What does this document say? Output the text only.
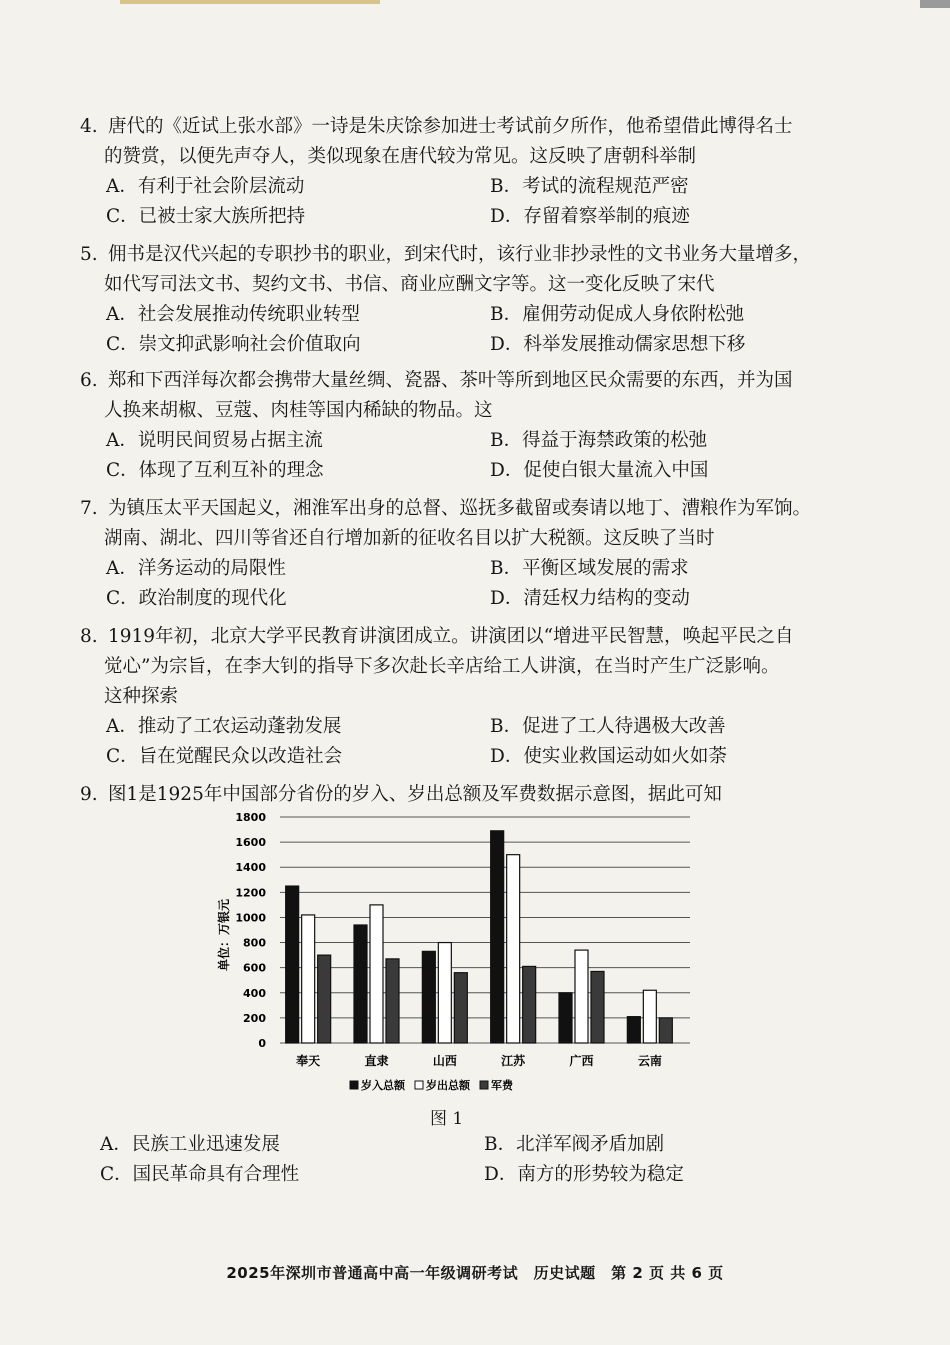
4. 唐代的《近试上张水部》一诗是朱庆馀参加进士考试前夕所作，他希望借此博得名士
的赞赏，以便先声夺人，类似现象在唐代较为常见。这反映了唐朝科举制
A．有利于社会阶层流动	B．考试的流程规范严密
C．已被士家大族所把持	D．存留着察举制的痕迹
5. 佣书是汉代兴起的专职抄书的职业，到宋代时，该行业非抄录性的文书业务大量增多，
如代写司法文书、契约文书、书信、商业应酬文字等。这一变化反映了宋代
A．社会发展推动传统职业转型	B．雇佣劳动促成人身依附松弛
C．崇文抑武影响社会价值取向	D．科举发展推动儒家思想下移
6. 郑和下西洋每次都会携带大量丝绸、瓷器、茶叶等所到地区民众需要的东西，并为国
人换来胡椒、豆蔻、肉桂等国内稀缺的物品。这
A．说明民间贸易占据主流	B．得益于海禁政策的松弛
C．体现了互利互补的理念	D．促使白银大量流入中国
7. 为镇压太平天国起义，湘淮军出身的总督、巡抚多截留或奏请以地丁、漕粮作为军饷。
湖南、湖北、四川等省还自行增加新的征收名目以扩大税额。这反映了当时
A．洋务运动的局限性	B．平衡区域发展的需求
C．政治制度的现代化	D．清廷权力结构的变动
8. 1919年初，北京大学平民教育讲演团成立。讲演团以“增进平民智慧，唤起平民之自
觉心”为宗旨，在李大钊的指导下多次赴长辛店给工人讲演，在当时产生广泛影响。
这种探索
A．推动了工农运动蓬勃发展	B．促进了工人待遇极大改善
C．旨在觉醒民众以改造社会	D．使实业救国运动如火如荼
9. 图1是1925年中国部分省份的岁入、岁出总额及军费数据示意图，据此可知
0
200
400
600
800
1000
1200
1400
1600
1800
奉天	直隶	山西	江苏	广西	云南
单位：万银元
岁入总额 岁出总额 军费
图 1
A．民族工业迅速发展	B．北洋军阀矛盾加剧
C．国民革命具有合理性	D．南方的形势较为稳定
2025年深圳市普通高中高一年级调研考试　历史试题　第 2 页 共 6 页
